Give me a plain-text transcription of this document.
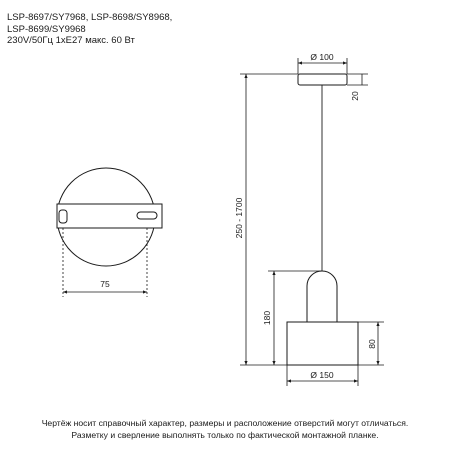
LSP-8697/SY7968, LSP-8698/SY8968,
LSP-8699/SY9968
230V/50Гц 1xE27 макс. 60 Вт
75
Ø 100
20
250 - 1700
180
80
Ø 150
Чертёж носит справочный характер, размеры и расположение отверстий могут отличаться.
Разметку и сверление выполнять только по фактической монтажной планке.
